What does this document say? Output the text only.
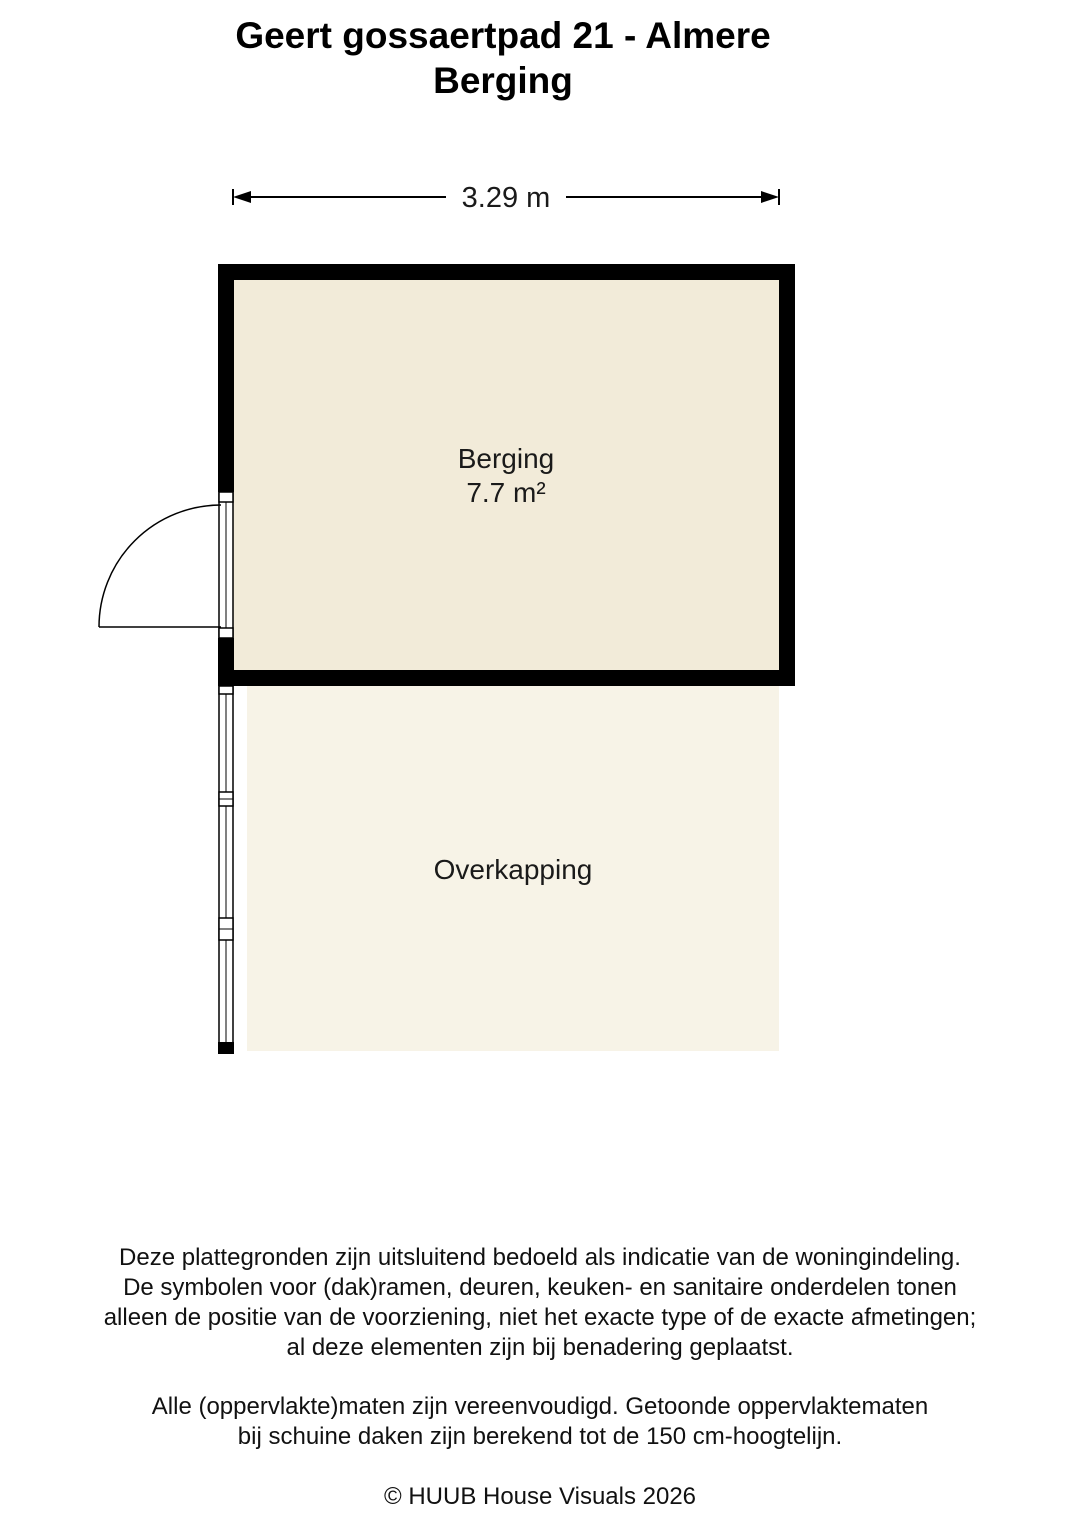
Geert gossaertpad 21 - Almere
Berging
3.29 m
Berging
7.7 m²
Overkapping
Deze plattegronden zijn uitsluitend bedoeld als indicatie van de woningindeling.
De symbolen voor (dak)ramen, deuren, keuken- en sanitaire onderdelen tonen
alleen de positie van de voorziening, niet het exacte type of de exacte afmetingen;
al deze elementen zijn bij benadering geplaatst.
Alle (oppervlakte)maten zijn vereenvoudigd. Getoonde oppervlaktematen
bij schuine daken zijn berekend tot de 150 cm-hoogtelijn.
© HUUB House Visuals 2026
